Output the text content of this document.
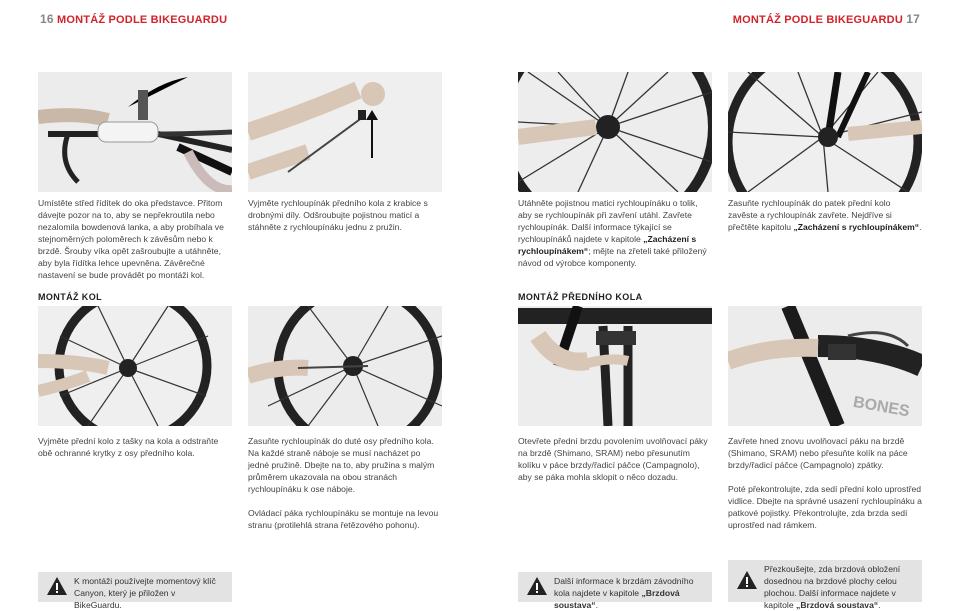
16 MONTÁŽ PODLE BIKEGUARDU	MONTÁŽ PODLE BIKEGUARDU 17
Umístěte střed řídítek do oka představce. Přitom dávejte pozor na to, aby se nepřekroutila nebo nezalomila bowdenová lanka, a aby probíhala ve stejnoměrných poloměrech k závěsům nebo k brzdě. Šrouby víka opět zašroubujte a utáhněte, aby byla řídítka lehce upevněna. Závěrečné nastavení se bude provádět po montáži kol.
Vyjměte rychloupínák předního kola z krabice s drobnými díly. Odšroubujte pojistnou maticí a stáhněte z rychloupínáku jednu z pružin.
Utáhněte pojistnou matici rychloupínáku o tolik, aby se rychloupínák při zavření utáhl. Zavřete rychloupínák. Další informace týkající se rychloupínáků najdete v kapitole „Zacházení s rychloupínákem“; mějte na zřeteli také přiložený návod od výrobce komponenty.
Zasuňte rychloupínák do patek přední kolo zavěste a rychloupínák zavřete. Nejdříve si přečtěte kapitolu „Zacházení s rychloupínákem“.
MONTÁŽ KOL	MONTÁŽ PŘEDNÍHO KOLA
BONES
Vyjměte přední kolo z tašky na kola a odstraňte obě ochranné krytky z osy předního kola.
Zasuňte rychloupínák do duté osy předního kola. Na každé straně náboje se musí nacházet po jedné pružině. Dbejte na to, aby pružina s malým průměrem ukazovala na obou stranách rychloupínáku k ose náboje.
Ovládací páka rychloupínáku se montuje na levou stranu (protilehlá strana řetězového pohonu).
Otevřete přední brzdu povolením uvolňovací páky na brzdě (Shimano, SRAM) nebo přesunutím kolíku v páce brzdy/řadicí páčce (Campagnolo), aby se páka mohla sklopit o něco dozadu.
Zavřete hned znovu uvolňovací páku na brzdě (Shimano, SRAM) nebo přesuňte kolík na páce brzdy/řadicí páčce (Campagnolo) zpátky.
Poté překontrolujte, zda sedí přední kolo uprostřed vidlice. Dbejte na správné usazení rychloupínáku a patkové pojistky. Překontrolujte, zda brzda sedí uprostřed nad rámkem.
K montáži používejte momentový klíč Canyon, který je přiložen v BikeGuardu.
Další informace k brzdám závodního kola najdete v kapitole „Brzdová soustava“.
Přezkoušejte, zda brzdová obložení dosednou na brzdové plochy celou plochou. Další informace najdete v kapitole „Brzdová soustava“.
